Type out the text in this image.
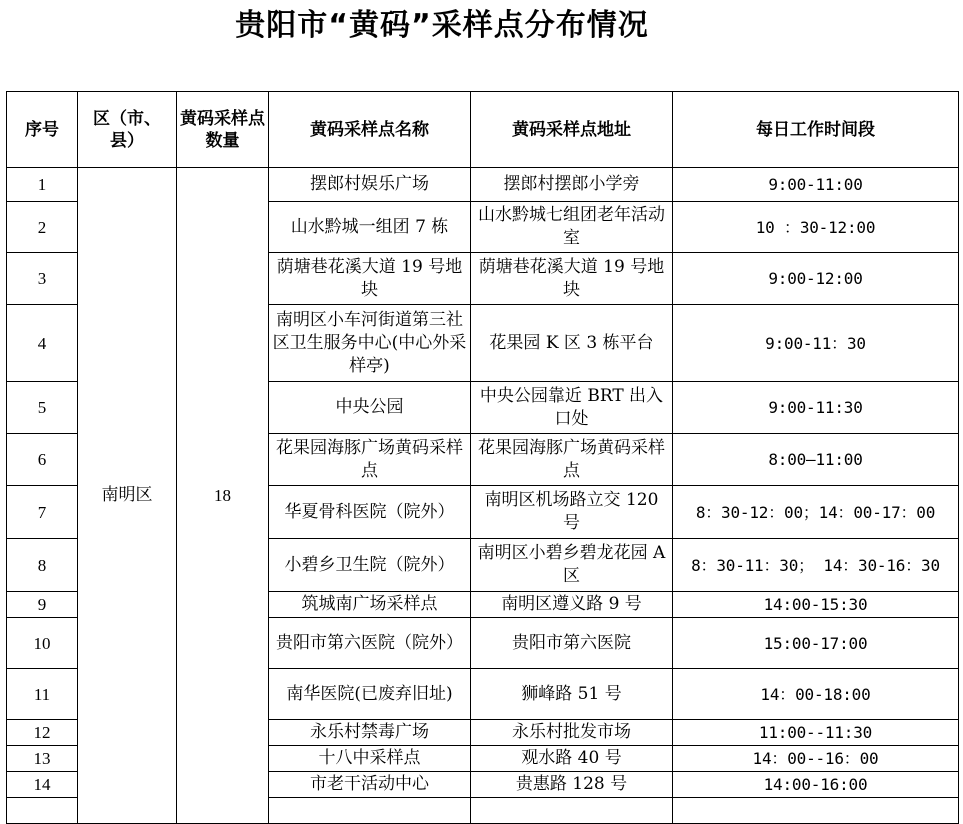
贵阳市“黄码”采样点分布情况
序号	区（市、县）	黄码采样点数量	黄码采样点名称	黄码采样点地址	每日工作时间段
1	南明区	18	摆郎村娱乐广场	摆郎村摆郎小学旁	9:00-11:00
2			山水黔城一组团 7 栋	山水黔城七组团老年活动室	10 ：30-12:00
3			荫塘巷花溪大道 19 号地块	荫塘巷花溪大道 19 号地块	9:00-12:00
4			南明区小车河街道第三社区卫生服务中心(中心外采样亭)	花果园 K 区 3 栋平台	9:00-11：30
5			中央公园	中央公园靠近 BRT 出入口处	9:00-11:30
6			花果园海豚广场黄码采样点	花果园海豚广场黄码采样点	8:00—11:00
7			华夏骨科医院（院外）	南明区机场路立交 120 号	8：30-12：00；14：00-17：00
8			小碧乡卫生院（院外）	南明区小碧乡碧龙花园 A 区	8：30-11：30； 14：30-16：30
9			筑城南广场采样点	南明区遵义路 9 号	14:00-15:30
10			贵阳市第六医院（院外）	贵阳市第六医院	15:00-17:00
11			南华医院(已废弃旧址)	狮峰路 51 号	14：00-18:00
12			永乐村禁毒广场	永乐村批发市场	11:00--11:30
13			十八中采样点	观水路 40 号	14：00--16：00
14			市老干活动中心	贵惠路 128 号	14:00-16:00
